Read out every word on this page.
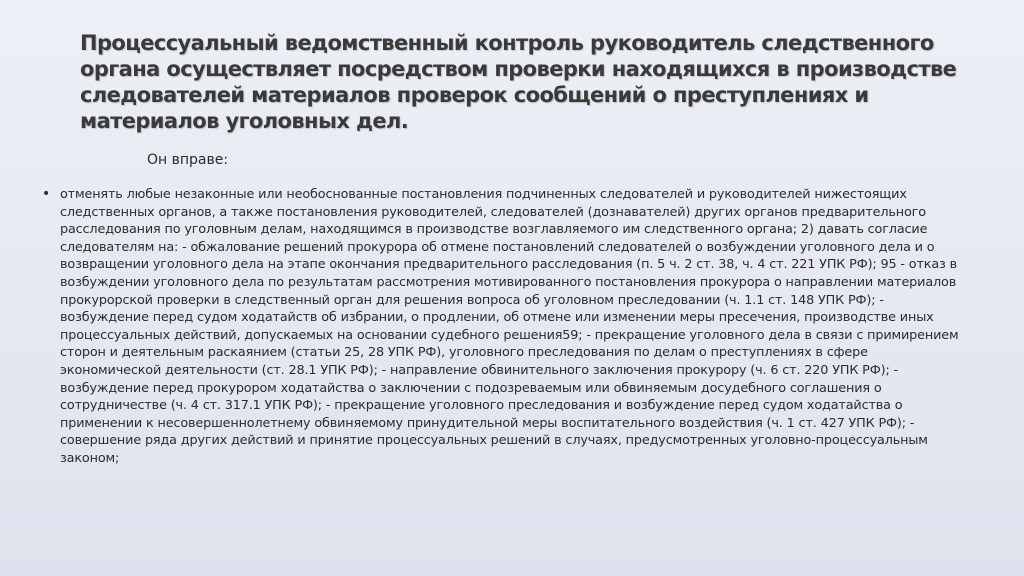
Процессуальный ведомственный контроль руководитель следственного органа осуществляет посредством проверки находящихся в производстве следователей материалов проверок сообщений о преступлениях и материалов уголовных дел.

Он вправе:

• отменять любые незаконные или необоснованные постановления подчиненных следователей и руководителей нижестоящих следственных органов, а также постановления руководителей, следователей (дознавателей) других органов предварительного расследования по уголовным делам, находящимся в производстве возглавляемого им следственного органа; 2) давать согласие следователям на: - обжалование решений прокурора об отмене постановлений следователей о возбуждении уголовного дела и о возвращении уголовного дела на этапе окончания предварительного расследования (п. 5 ч. 2 ст. 38, ч. 4 ст. 221 УПК РФ); 95 - отказ в возбуждении уголовного дела по результатам рассмотрения мотивированного постановления прокурора о направлении материалов прокурорской проверки в следственный орган для решения вопроса об уголовном преследовании (ч. 1.1 ст. 148 УПК РФ); - возбуждение перед судом ходатайств об избрании, о продлении, об отмене или изменении меры пресечения, производстве иных процессуальных действий, допускаемых на основании судебного решения59; - прекращение уголовного дела в связи с примирением сторон и деятельным раскаянием (статьи 25, 28 УПК РФ), уголовного преследования по делам о преступлениях в сфере экономической деятельности (ст. 28.1 УПК РФ); - направление обвинительного заключения прокурору (ч. 6 ст. 220 УПК РФ); - возбуждение перед прокурором ходатайства о заключении с подозреваемым или обвиняемым досудебного соглашения о сотрудничестве (ч. 4 ст. 317.1 УПК РФ); - прекращение уголовного преследования и возбуждение перед судом ходатайства о применении к несовершеннолетнему обвиняемому принудительной меры воспитательного воздействия (ч. 1 ст. 427 УПК РФ); - совершение ряда других действий и принятие процессуальных решений в случаях, предусмотренных уголовно-процессуальным законом;
